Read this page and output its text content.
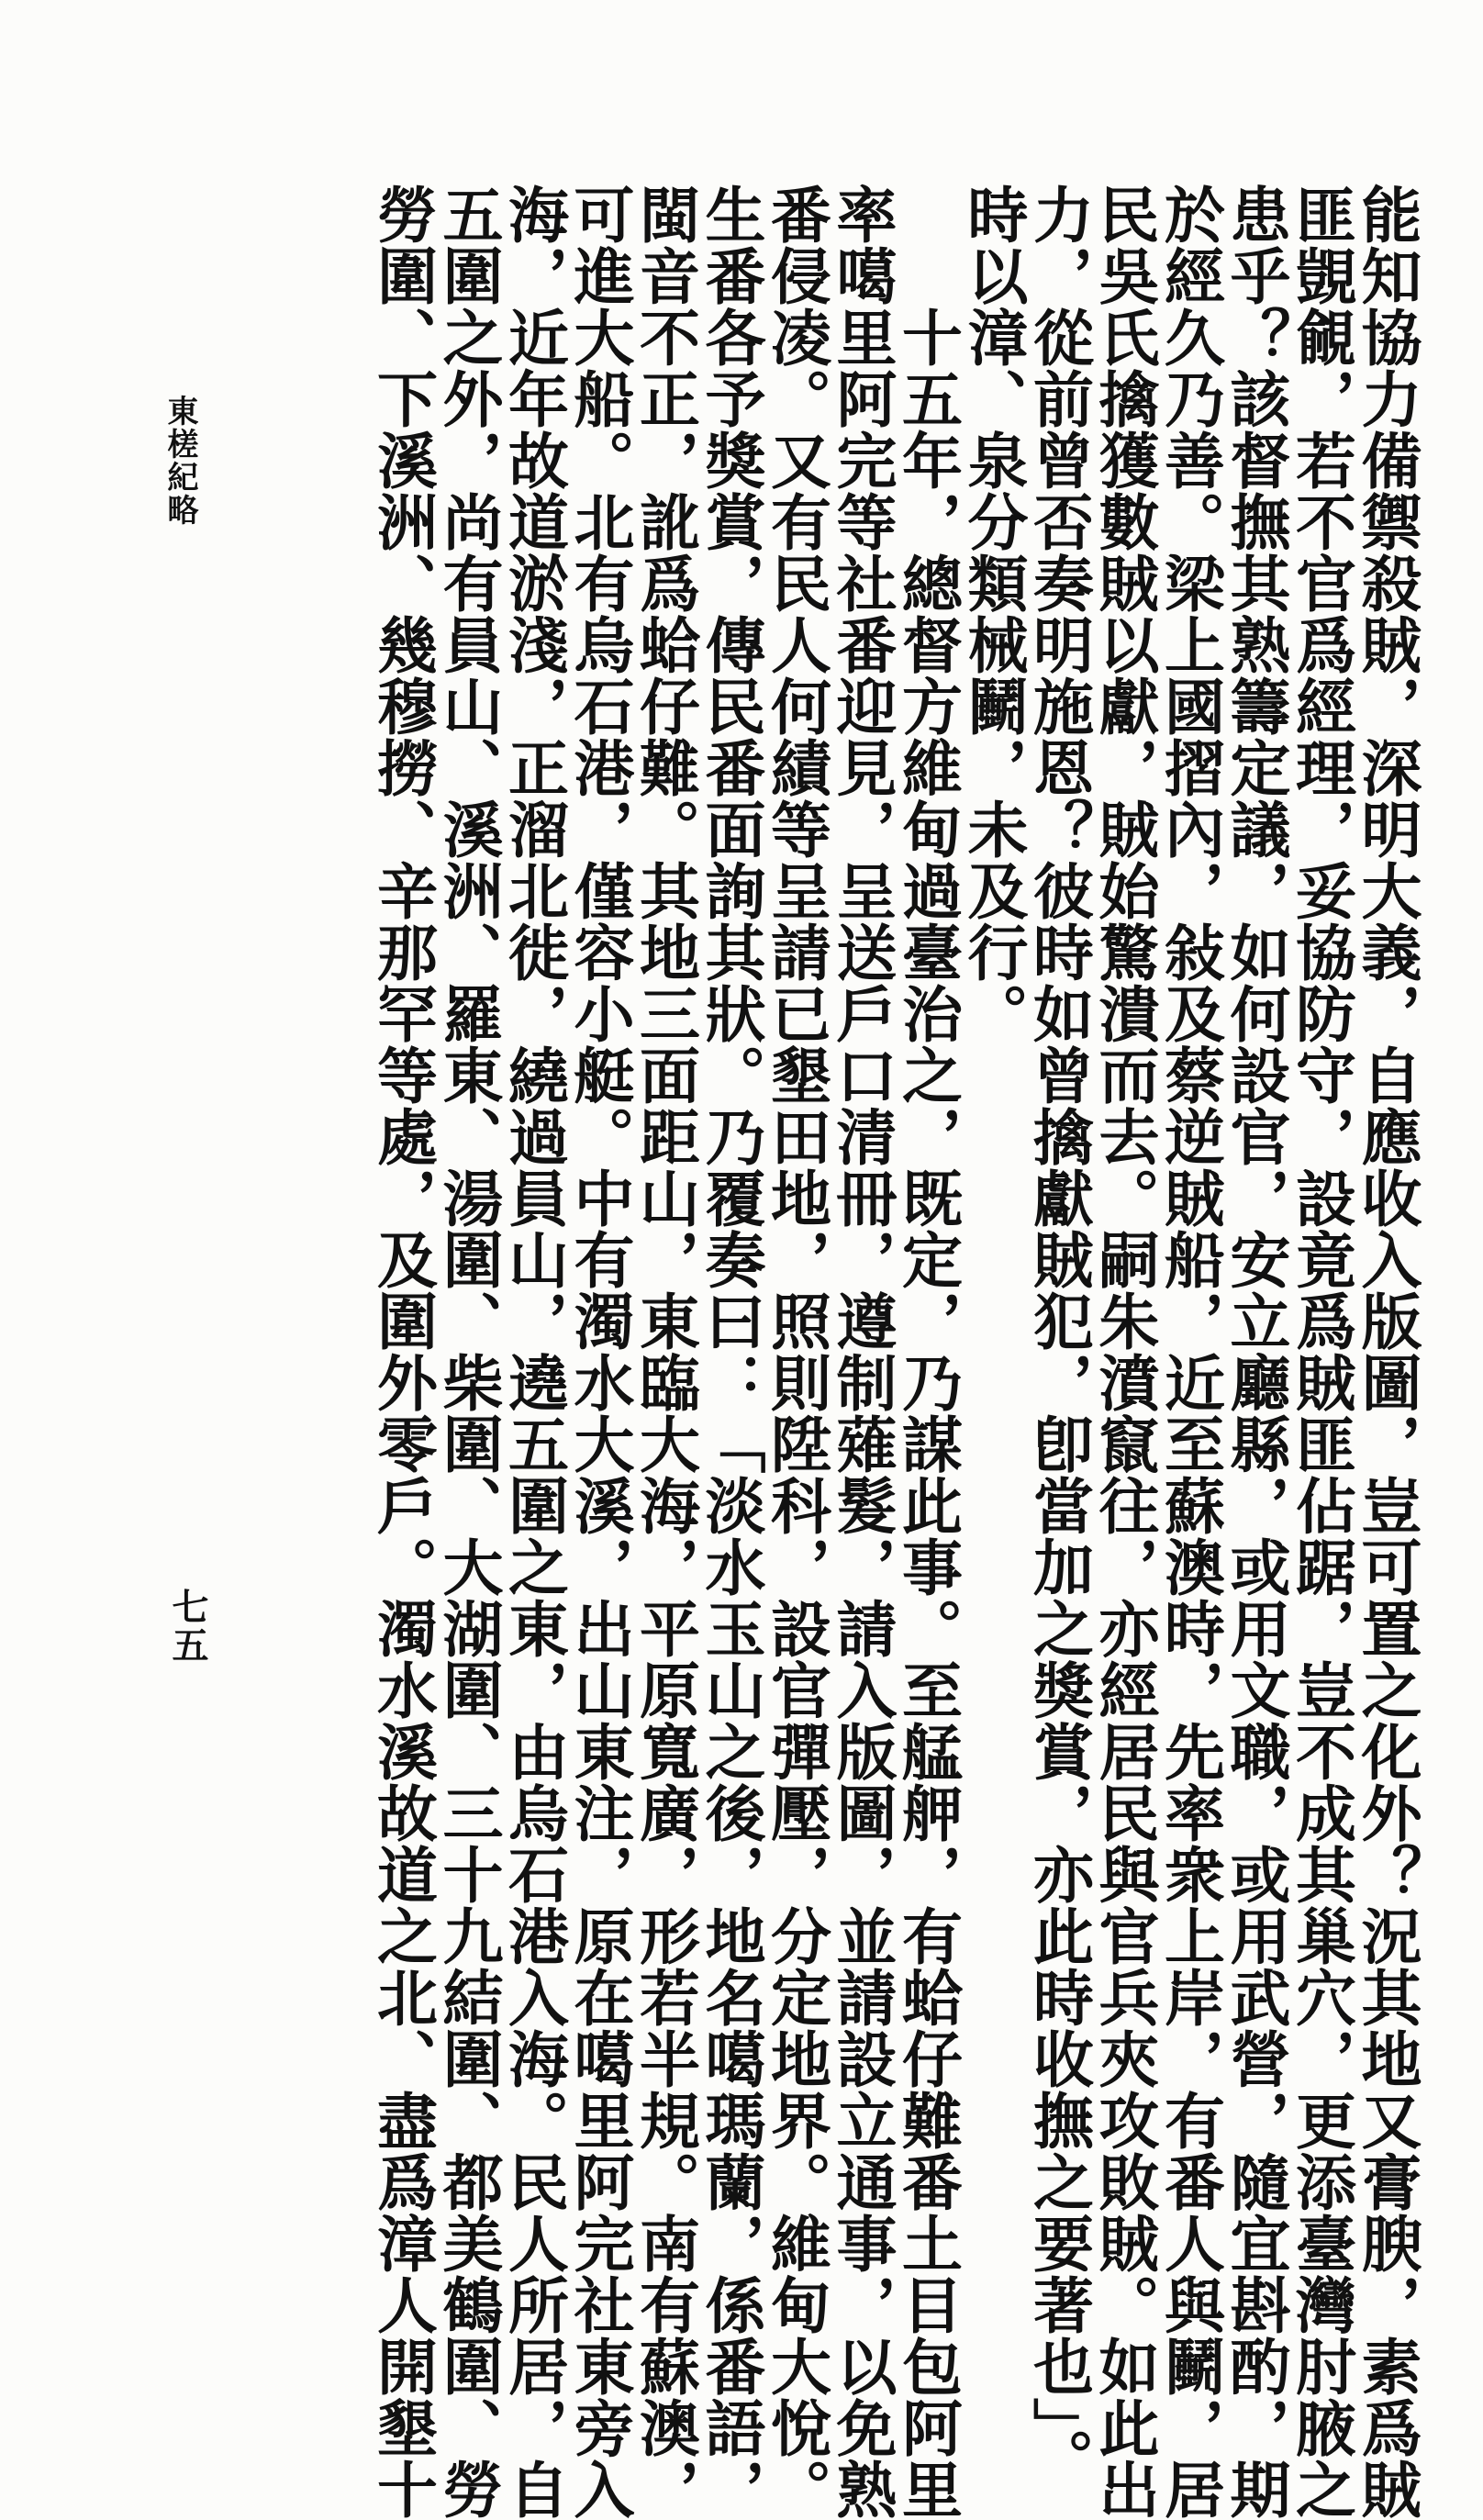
能知協力備禦殺賊，深明大義，自應收入版圖，豈可置之化外？況其地又膏腴，素爲賊
匪覬覦，若不官爲經理，妥協防守，設竟爲賊匪佔踞，豈不成其巢穴，更添臺灣肘腋之
患乎？該督撫其熟籌定議，如何設官，安立廳縣，或用文職，或用武營，隨宜斟酌，期
於經久乃善。梁上國摺內，敍及蔡逆賊船，近至蘇澳時，先率衆上岸，有番人與鬭，居
民吳氏擒獲數賊以獻，賊始驚潰而去。嗣朱濆竄往，亦經居民與官兵夾攻敗賊。如此出
力，從前曾否奏明施恩？彼時如曾擒獻賊犯，卽當加之獎賞，亦此時收撫之要著也」。
時以漳、泉分類械鬭，未及行。
　　十五年，總督方維甸過臺治之，既定，乃謀此事。至艋舺，有蛤仔難番土目包阿里
率噶里阿完等社番迎見，呈送戶口清冊，遵制薙髮，請入版圖，並請設立通事，以免熟
番侵凌。又有民人何績等呈請已墾田地，照則陞科，設官彈壓，分定地界。維甸大悅。
生番各予獎賞，傳民番面詢其狀。乃覆奏曰：「淡水玉山之後，地名噶瑪蘭，係番語，
閩音不正，訛爲蛤仔難。其地三面距山，東臨大海，平原寬廣，形若半規。南有蘇澳，
可進大船。北有烏石港，僅容小艇。中有濁水大溪，出山東注，原在噶里阿完社東旁入
海，近年故道淤淺，正溜北徙，繞過員山，遶五圍之東，由烏石港入海。民人所居，自
五圍之外，尚有員山、溪洲、羅東、湯圍、柴圍、大湖圍、三十九結圍、都美鶴圍、勞
勞圍、下溪洲、幾穆撈、辛那罕等處，及圍外零戶。濁水溪故道之北、盡爲漳人開墾十
東槎紀略
七五
